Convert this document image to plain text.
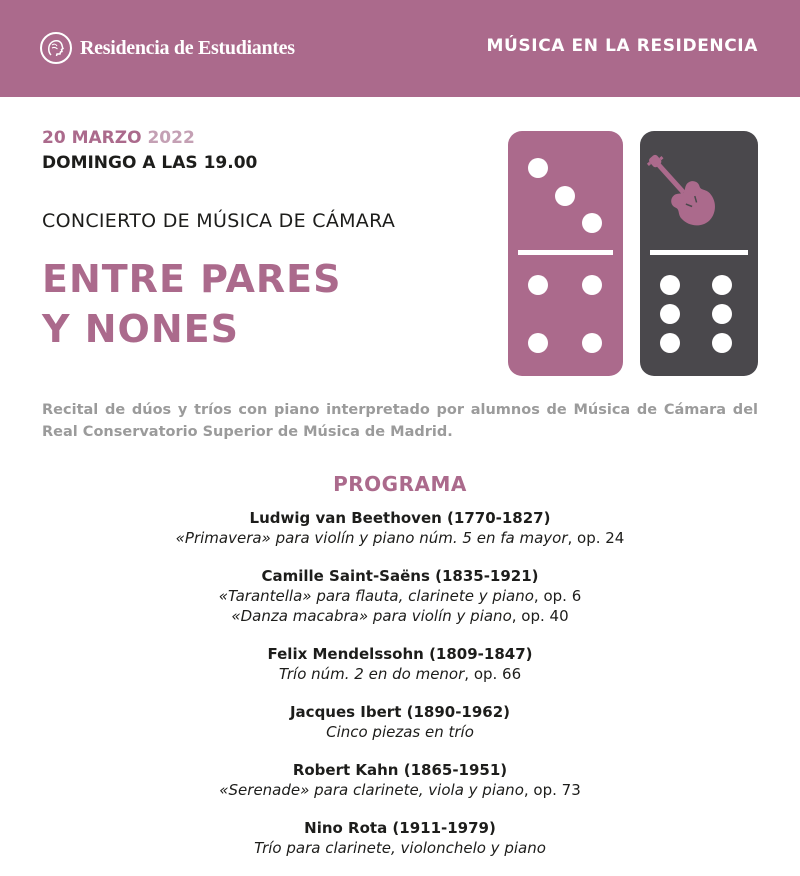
Residencia de Estudiantes	MÚSICA EN LA RESIDENCIA
20 MARZO 2022
DOMINGO A LAS 19.00
CONCIERTO DE MÚSICA DE CÁMARA
ENTRE PARES
Y NONES
Recital de dúos y tríos con piano interpretado por alumnos de Música de Cámara del Real Conservatorio Superior de Música de Madrid.
PROGRAMA
Ludwig van Beethoven (1770-1827)
«Primavera» para violín y piano núm. 5 en fa mayor, op. 24
Camille Saint-Saëns (1835-1921)
«Tarantella» para flauta, clarinete y piano, op. 6
«Danza macabra» para violín y piano, op. 40
Felix Mendelssohn (1809-1847)
Trío núm. 2 en do menor, op. 66
Jacques Ibert (1890-1962)
Cinco piezas en trío
Robert Kahn (1865-1951)
«Serenade» para clarinete, viola y piano, op. 73
Nino Rota (1911-1979)
Trío para clarinete, violonchelo y piano
